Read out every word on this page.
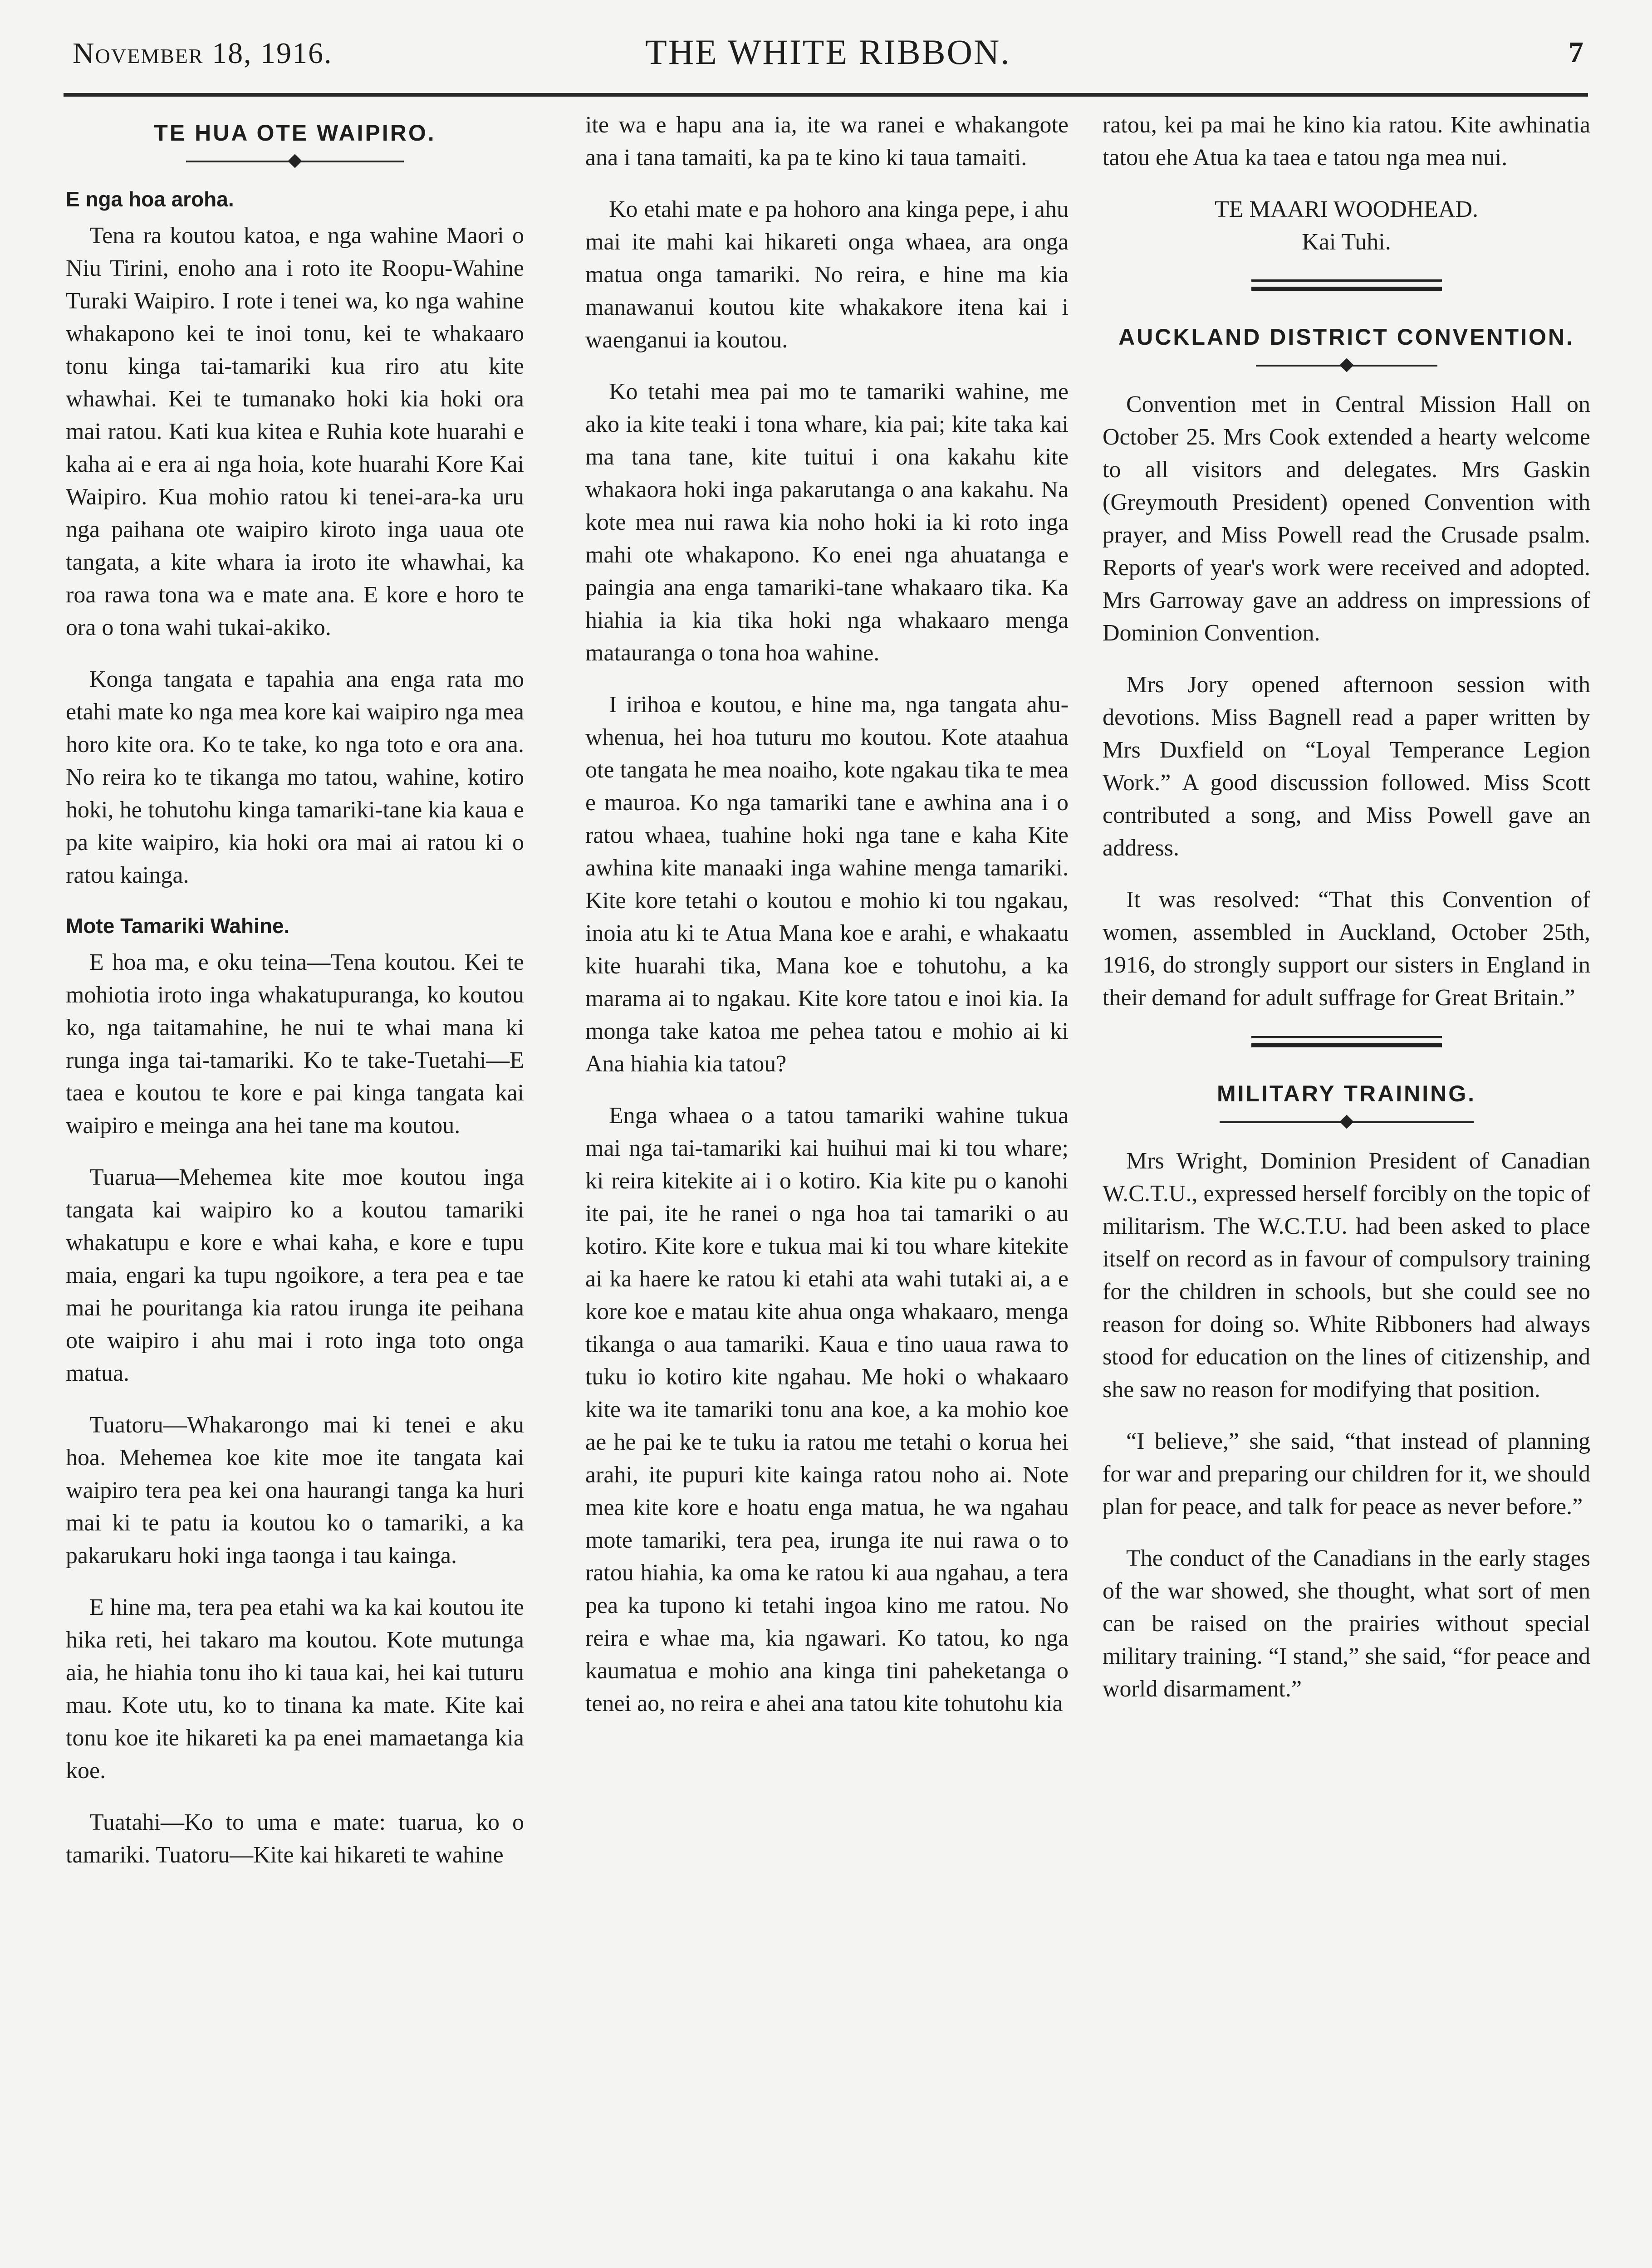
November 18, 1916.	THE WHITE RIBBON.	7
TE HUA OTE WAIPIRO.
E nga hoa aroha.

Tena ra koutou katoa, e nga wahine Maori o Niu Tirini, enoho ana i roto ite Roopu-Wahine Turaki Waipiro. I rote i tenei wa, ko nga wahine whakapono kei te inoi tonu, kei te whakaaro tonu kinga tai-tamariki kua riro atu kite whawhai. Kei te tumanako hoki kia hoki ora mai ratou. Kati kua kitea e Ruhia kote huarahi e kaha ai e era ai nga hoia, kote huarahi Kore Kai Waipiro. Kua mohio ratou ki tenei-ara-ka uru nga paihana ote waipiro kiroto inga uaua ote tangata, a kite whara ia iroto ite whawhai, ka roa rawa tona wa e mate ana. E kore e horo te ora o tona wahi tukai-akiko.

Konga tangata e tapahia ana enga rata mo etahi mate ko nga mea kore kai waipiro nga mea horo kite ora. Ko te take, ko nga toto e ora ana. No reira ko te tikanga mo tatou, wahine, kotiro hoki, he tohutohu kinga tamariki-tane kia kaua e pa kite waipiro, kia hoki ora mai ai ratou ki o ratou kainga.

Mote Tamariki Wahine.

E hoa ma, e oku teina—Tena koutou. Kei te mohiotia iroto inga whakatupuranga, ko koutou ko, nga taitamahine, he nui te whai mana ki runga inga tai-tamariki. Ko te take-Tuetahi—E taea e koutou te kore e pai kinga tangata kai waipiro e meinga ana hei tane ma koutou.

Tuarua—Mehemea kite moe koutou inga tangata kai waipiro ko a koutou tamariki whakatupu e kore e whai kaha, e kore e tupu maia, engari ka tupu ngoikore, a tera pea e tae mai he pouritanga kia ratou irunga ite peihana ote waipiro i ahu mai i roto inga toto onga matua.

Tuatoru—Whakarongo mai ki tenei e aku hoa. Mehemea koe kite moe ite tangata kai waipiro tera pea kei ona haurangi tanga ka huri mai ki te patu ia koutou ko o tamariki, a ka pakarukaru hoki inga taonga i tau kainga.

E hine ma, tera pea etahi wa ka kai koutou ite hika reti, hei takaro ma koutou. Kote mutunga aia, he hiahia tonu iho ki taua kai, hei kai tuturu mau. Kote utu, ko to tinana ka mate. Kite kai tonu koe ite hikareti ka pa enei mamaetanga kia koe.

Tuatahi—Ko to uma e mate: tuarua, ko o tamariki. Tuatoru—Kite kai hikareti te wahine

ite wa e hapu ana ia, ite wa ranei e whakangote ana i tana tamaiti, ka pa te kino ki taua tamaiti.

Ko etahi mate e pa hohoro ana kinga pepe, i ahu mai ite mahi kai hikareti onga whaea, ara onga matua onga tamariki. No reira, e hine ma kia manawanui koutou kite whakakore itena kai i waenganui ia koutou.

Ko tetahi mea pai mo te tamariki wahine, me ako ia kite teaki i tona whare, kia pai; kite taka kai ma tana tane, kite tuitui i ona kakahu kite whakaora hoki inga pakarutanga o ana kakahu. Na kote mea nui rawa kia noho hoki ia ki roto inga mahi ote whakapono. Ko enei nga ahuatanga e paingia ana enga tamariki-tane whakaaro tika. Ka hiahia ia kia tika hoki nga whakaaro menga matauranga o tona hoa wahine.

I irihoa e koutou, e hine ma, nga tangata ahu-whenua, hei hoa tuturu mo koutou. Kote ataahua ote tangata he mea noaiho, kote ngakau tika te mea e mauroa. Ko nga tamariki tane e awhina ana i o ratou whaea, tuahine hoki nga tane e kaha Kite awhina kite manaaki inga wahine menga tamariki. Kite kore tetahi o koutou e mohio ki tou ngakau, inoia atu ki te Atua Mana koe e arahi, e whakaatu kite huarahi tika, Mana koe e tohutohu, a ka marama ai to ngakau. Kite kore tatou e inoi kia. Ia monga take katoa me pehea tatou e mohio ai ki Ana hiahia kia tatou?

Enga whaea o a tatou tamariki wahine tukua mai nga tai-tamariki kai huihui mai ki tou whare; ki reira kitekite ai i o kotiro. Kia kite pu o kanohi ite pai, ite he ranei o nga hoa tai tamariki o au kotiro. Kite kore e tukua mai ki tou whare kitekite ai ka haere ke ratou ki etahi ata wahi tutaki ai, a e kore koe e matau kite ahua onga whakaaro, menga tikanga o aua tamariki. Kaua e tino uaua rawa to tuku io kotiro kite ngahau. Me hoki o whakaaro kite wa ite tamariki tonu ana koe, a ka mohio koe ae he pai ke te tuku ia ratou me tetahi o korua hei arahi, ite pupuri kite kainga ratou noho ai. Note mea kite kore e hoatu enga matua, he wa ngahau mote tamariki, tera pea, irunga ite nui rawa o to ratou hiahia, ka oma ke ratou ki aua ngahau, a tera pea ka tupono ki tetahi ingoa kino me ratou. No reira e whae ma, kia ngawari. Ko tatou, ko nga kaumatua e mohio ana kinga tini paheketanga o tenei ao, no reira e ahei ana tatou kite tohutohu kia

ratou, kei pa mai he kino kia ratou. Kite awhinatia tatou ehe Atua ka taea e tatou nga mea nui.

TE MAARI WOODHEAD.

Kai Tuhi.

AUCKLAND DISTRICT CONVENTION.

Convention met in Central Mission Hall on October 25. Mrs Cook extended a hearty welcome to all visitors and delegates. Mrs Gaskin (Greymouth President) opened Convention with prayer, and Miss Powell read the Crusade psalm. Reports of year's work were received and adopted. Mrs Garroway gave an address on impressions of Dominion Convention.

Mrs Jory opened afternoon session with devotions. Miss Bagnell read a paper written by Mrs Duxfield on “Loyal Temperance Legion Work.” A good discussion followed. Miss Scott contributed a song, and Miss Powell gave an address.

It was resolved: “That this Convention of women, assembled in Auckland, October 25th, 1916, do strongly support our sisters in England in their demand for adult suffrage for Great Britain.”

MILITARY TRAINING.

Mrs Wright, Dominion President of Canadian W.C.T.U., expressed herself forcibly on the topic of militarism. The W.C.T.U. had been asked to place itself on record as in favour of compulsory training for the children in schools, but she could see no reason for doing so. White Ribboners had always stood for education on the lines of citizenship, and she saw no reason for modifying that position.

“I believe,” she said, “that instead of planning for war and preparing our children for it, we should plan for peace, and talk for peace as never before.”

The conduct of the Canadians in the early stages of the war showed, she thought, what sort of men can be raised on the prairies without special military training. “I stand,” she said, “for peace and world disarmament.”
